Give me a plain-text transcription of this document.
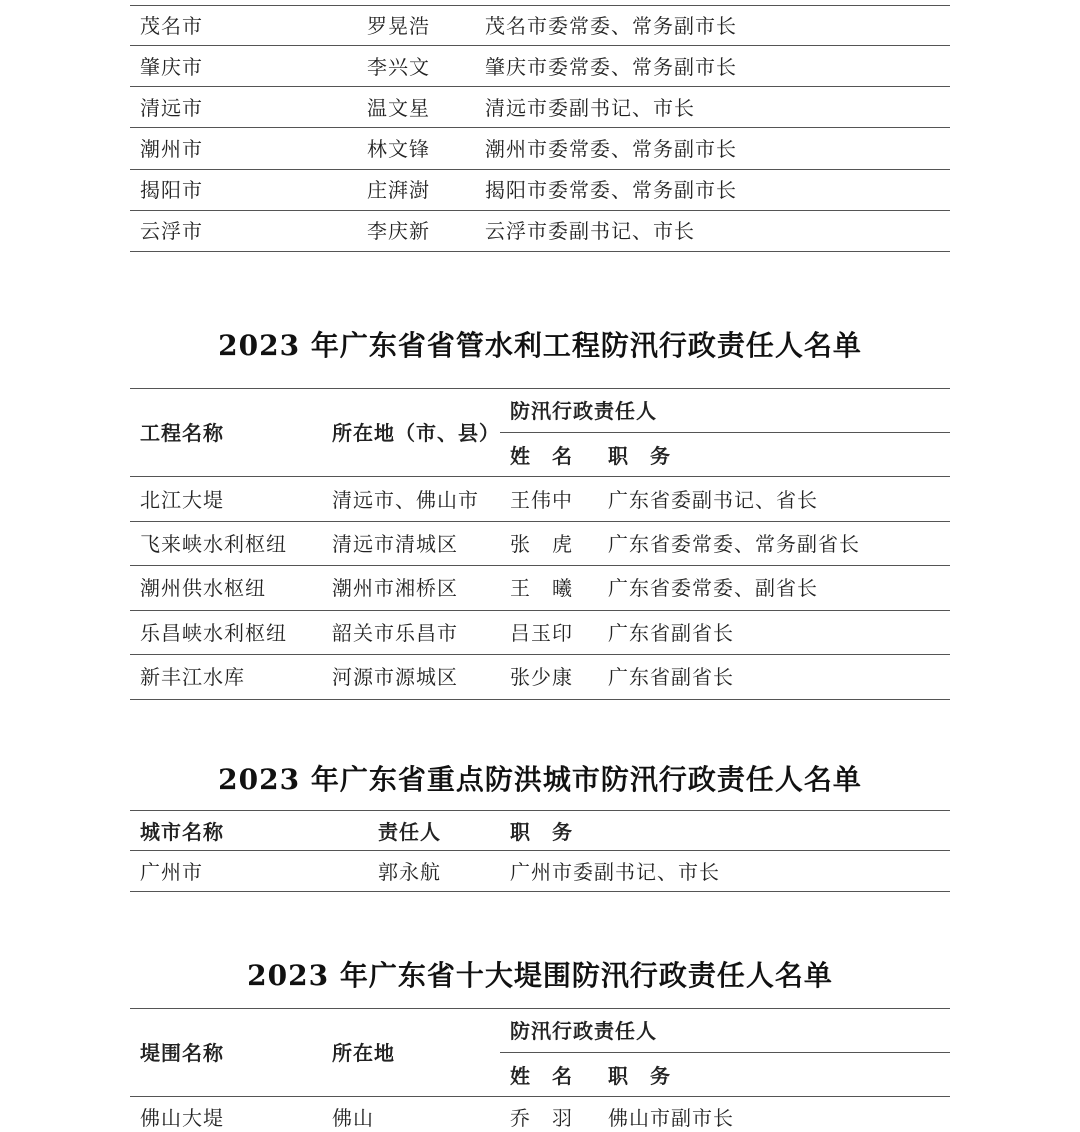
茂名市	罗晃浩	茂名市委常委、常务副市长
肇庆市	李兴文	肇庆市委常委、常务副市长
清远市	温文星	清远市委副书记、市长
潮州市	林文锋	潮州市委常委、常务副市长
揭阳市	庄湃澍	揭阳市委常委、常务副市长
云浮市	李庆新	云浮市委副书记、市长
2023 年广东省省管水利工程防汛行政责任人名单
工程名称	所在地（市、县）
防汛行政责任人
姓　名 职　务
北江大堤	清远市、佛山市 王伟中 广东省委副书记、省长
飞来峡水利枢纽 清远市清城区	张　虎 广东省委常委、常务副省长
潮州供水枢纽	潮州市湘桥区	王　曦 广东省委常委、副省长
乐昌峡水利枢纽 韶关市乐昌市	吕玉印 广东省副省长
新丰江水库	河源市源城区	张少康 广东省副省长
2023 年广东省重点防洪城市防汛行政责任人名单
城市名称	责任人	职　务
广州市	郭永航	广州市委副书记、市长
2023 年广东省十大堤围防汛行政责任人名单
堤围名称	所在地
防汛行政责任人
姓　名 职　务
佛山大堤	佛山	乔　羽 佛山市副市长
